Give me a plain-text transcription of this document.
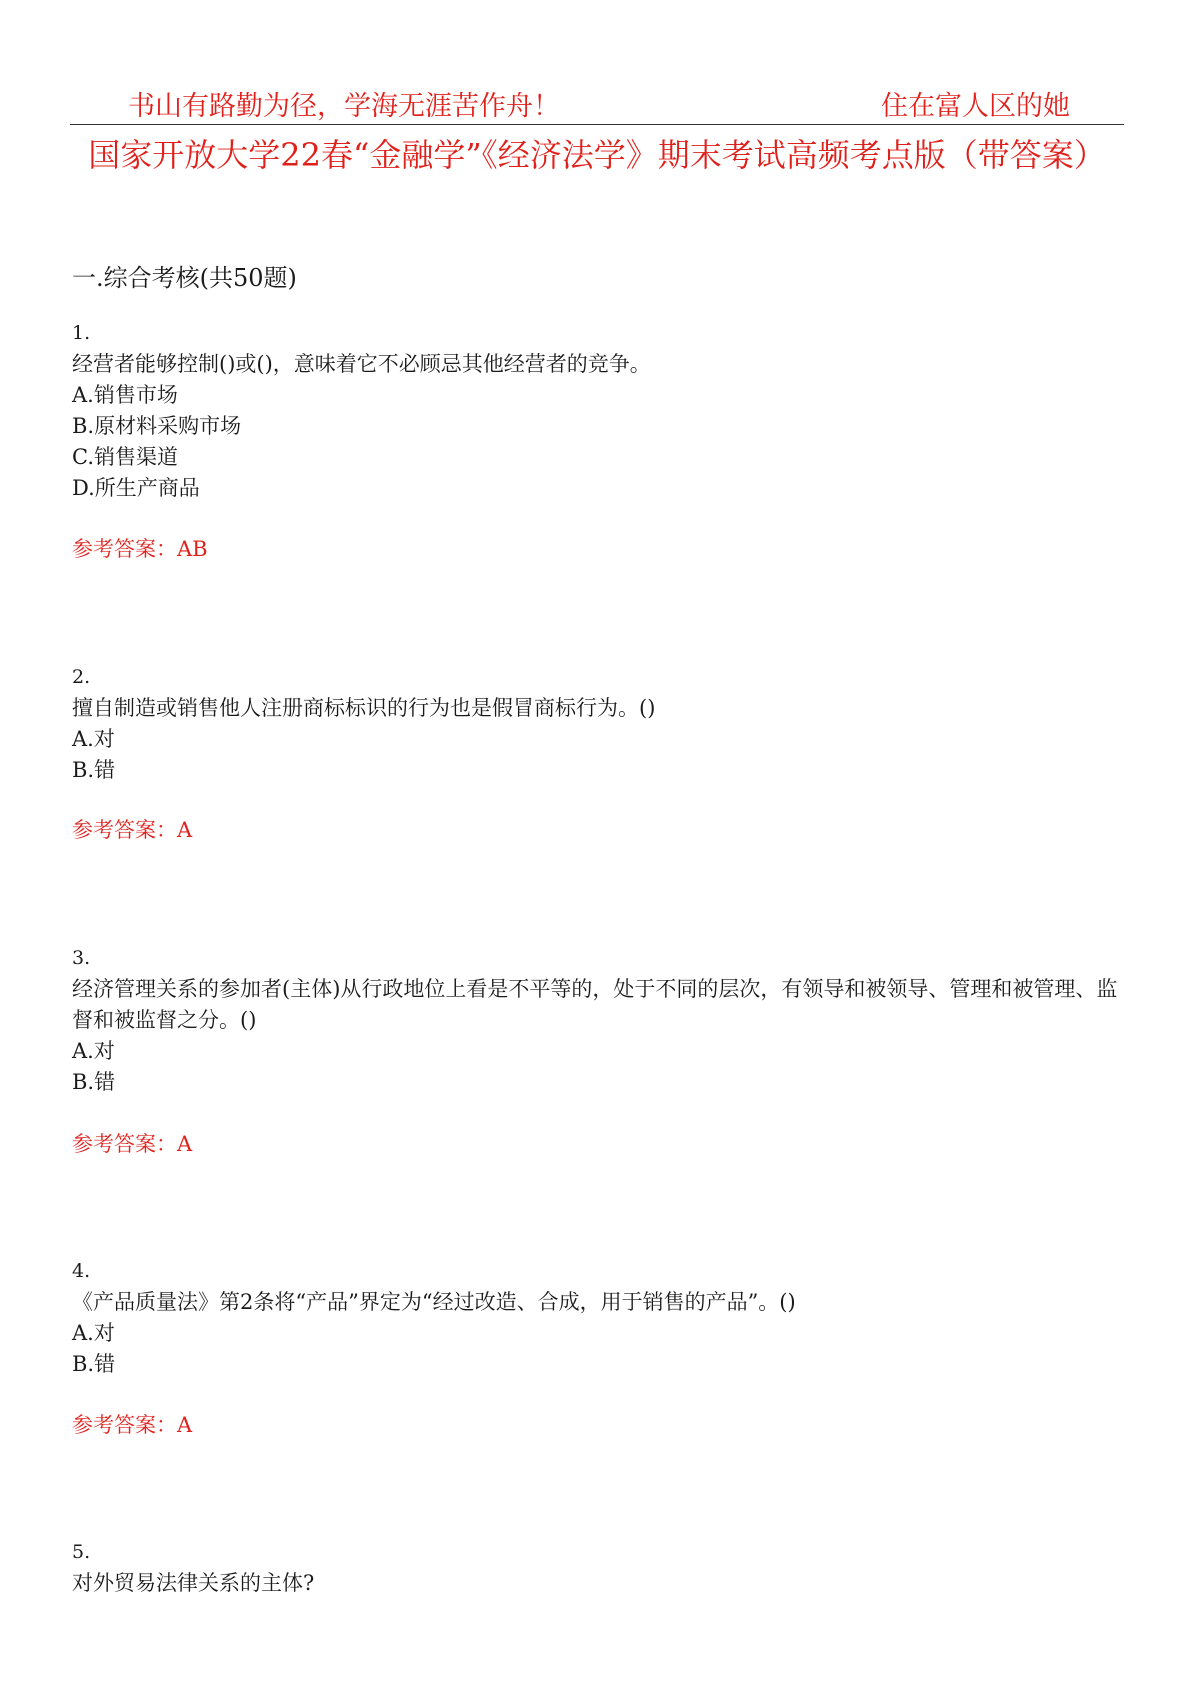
书山有路勤为径，学海无涯苦作舟！	住在富人区的她
国家开放大学22春“金融学”《经济法学》期末考试高频考点版（带答案）
一.综合考核(共50题)
1.
经营者能够控制()或()，意味着它不必顾忌其他经营者的竞争。
A.销售市场
B.原材料采购市场
C.销售渠道
D.所生产商品
参考答案：AB
2.
擅自制造或销售他人注册商标标识的行为也是假冒商标行为。()
A.对
B.错
参考答案：A
3.
经济管理关系的参加者(主体)从行政地位上看是不平等的，处于不同的层次，有领导和被领导、管理和被管理、监督和被监督之分。()
A.对
B.错
参考答案：A
4.
《产品质量法》第2条将“产品”界定为“经过改造、合成，用于销售的产品”。()
A.对
B.错
参考答案：A
5.
对外贸易法律关系的主体?
